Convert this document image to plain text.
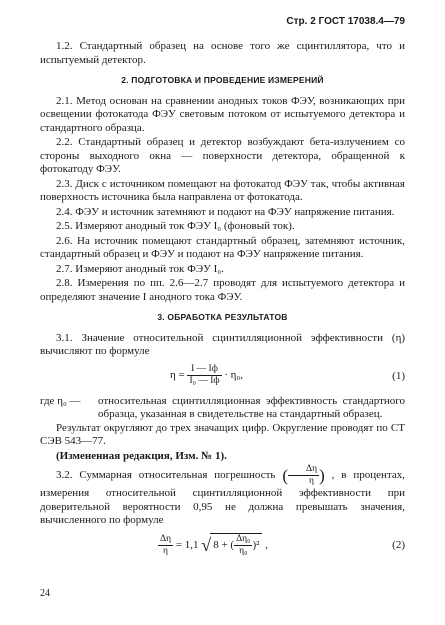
Стр. 2 ГОСТ 17038.4—79

1.2. Стандартный образец на основе того же сцинтиллятора, что и испытуемый детектор.

2. ПОДГОТОВКА И ПРОВЕДЕНИЕ ИЗМЕРЕНИЙ

2.1. Метод основан на сравнении анодных токов ФЭУ, возникающих при освещении фотокатода ФЭУ световым потоком от испытуемого детектора и стандартного образца.

2.2. Стандартный образец и детектор возбуждают бета-излучением со стороны выходного окна — поверхности детектора, обращенной к фотокатоду ФЭУ.

2.3. Диск с источником помещают на фотокатод ФЭУ так, чтобы активная поверхность источника была направлена от фотокатода.

2.4. ФЭУ и источник затемняют и подают на ФЭУ напряжение питания.

2.5. Измеряют анодный ток ФЭУ I₀ (фоновый ток).

2.6. На источник помещают стандартный образец, затемняют источник, стандартный образец и ФЭУ и подают на ФЭУ напряжение питания.

2.7. Измеряют анодный ток ФЭУ I₀.

2.8. Измерения по пп. 2.6—2.7 проводят для испытуемого детектора и определяют значение I анодного тока ФЭУ.

3. ОБРАБОТКА РЕЗУЛЬТАТОВ

3.1. Значение относительной сцинтилляционной эффективности (η) вычисляют по формуле

$\eta = \frac{I — Iф}{\text{I₀ — Iф}} \cdot \eta_0$,	(1)
где η₀ —	относительная сцинтилляционная эффективность стандартного образца, указанная в свидетельстве на стандартный образец.

Результат округляют до трех значащих цифр. Округление проводят по СТ СЭВ 543—77.

(Измененная редакция, Изм. № 1).

3.2. Суммарная относительная погрешность ( $\frac{\Delta\eta}{\eta}$ ) , в процентах, измерения относительной сцинтилляционной эффективности при доверительной вероятности 0,95 не должна превышать значения, вычисленного по формуле

$\frac{\Delta\eta}{\eta} = 1,1$ √ 8 + ( $\frac{\text{Δη₀}}{\text{η₀}} )^2$ ,	(2)
24
